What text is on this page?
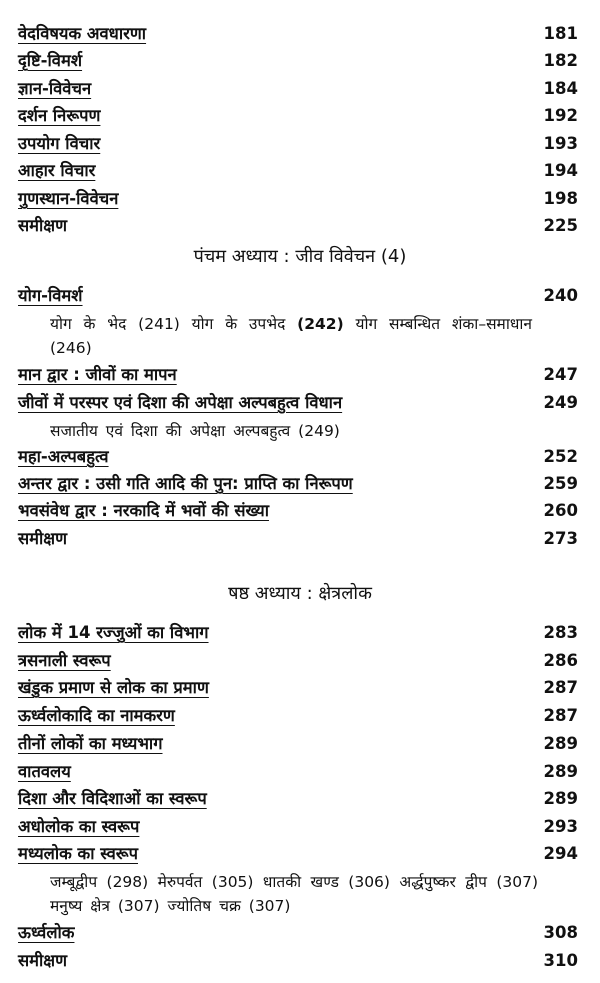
वेदविषयक अवधारणा	181
दृष्टि-विमर्श	182
ज्ञान-विवेचन	184
दर्शन निरूपण	192
उपयोग विचार	193
आहार विचार	194
गुणस्थान-विवेचन	198
समीक्षण	225
पंचम अध्याय : जीव विवेचन (4)
योग-विमर्श	240
योग के भेद (241) योग के उपभेद (242) योग सम्बन्धित शंका–समाधान (246)
मान द्वार : जीवों का मापन	247
जीवों में परस्पर एवं दिशा की अपेक्षा अल्पबहुत्व विधान	249
सजातीय एवं दिशा की अपेक्षा अल्पबहुत्व (249)
महा-अल्पबहुत्व	252
अन्तर द्वार : उसी गति आदि की पुन: प्राप्ति का निरूपण	259
भवसंवेध द्वार : नरकादि में भवों की संख्या	260
समीक्षण	273
षष्ठ अध्याय : क्षेत्रलोक
लोक में 14 रज्जुओं का विभाग	283
त्रसनाली स्वरूप	286
खंडुक प्रमाण से लोक का प्रमाण	287
ऊर्ध्वलोकादि का नामकरण	287
तीनों लोकों का मध्यभाग	289
वातवलय	289
दिशा और विदिशाओं का स्वरूप	289
अधोलोक का स्वरूप	293
मध्यलोक का स्वरूप	294
जम्बूद्वीप (298) मेरुपर्वत (305) धातकी खण्ड (306) अर्द्धपुष्कर द्वीप (307) मनुष्य क्षेत्र (307) ज्योतिष चक्र (307)
ऊर्ध्वलोक	308
समीक्षण	310
